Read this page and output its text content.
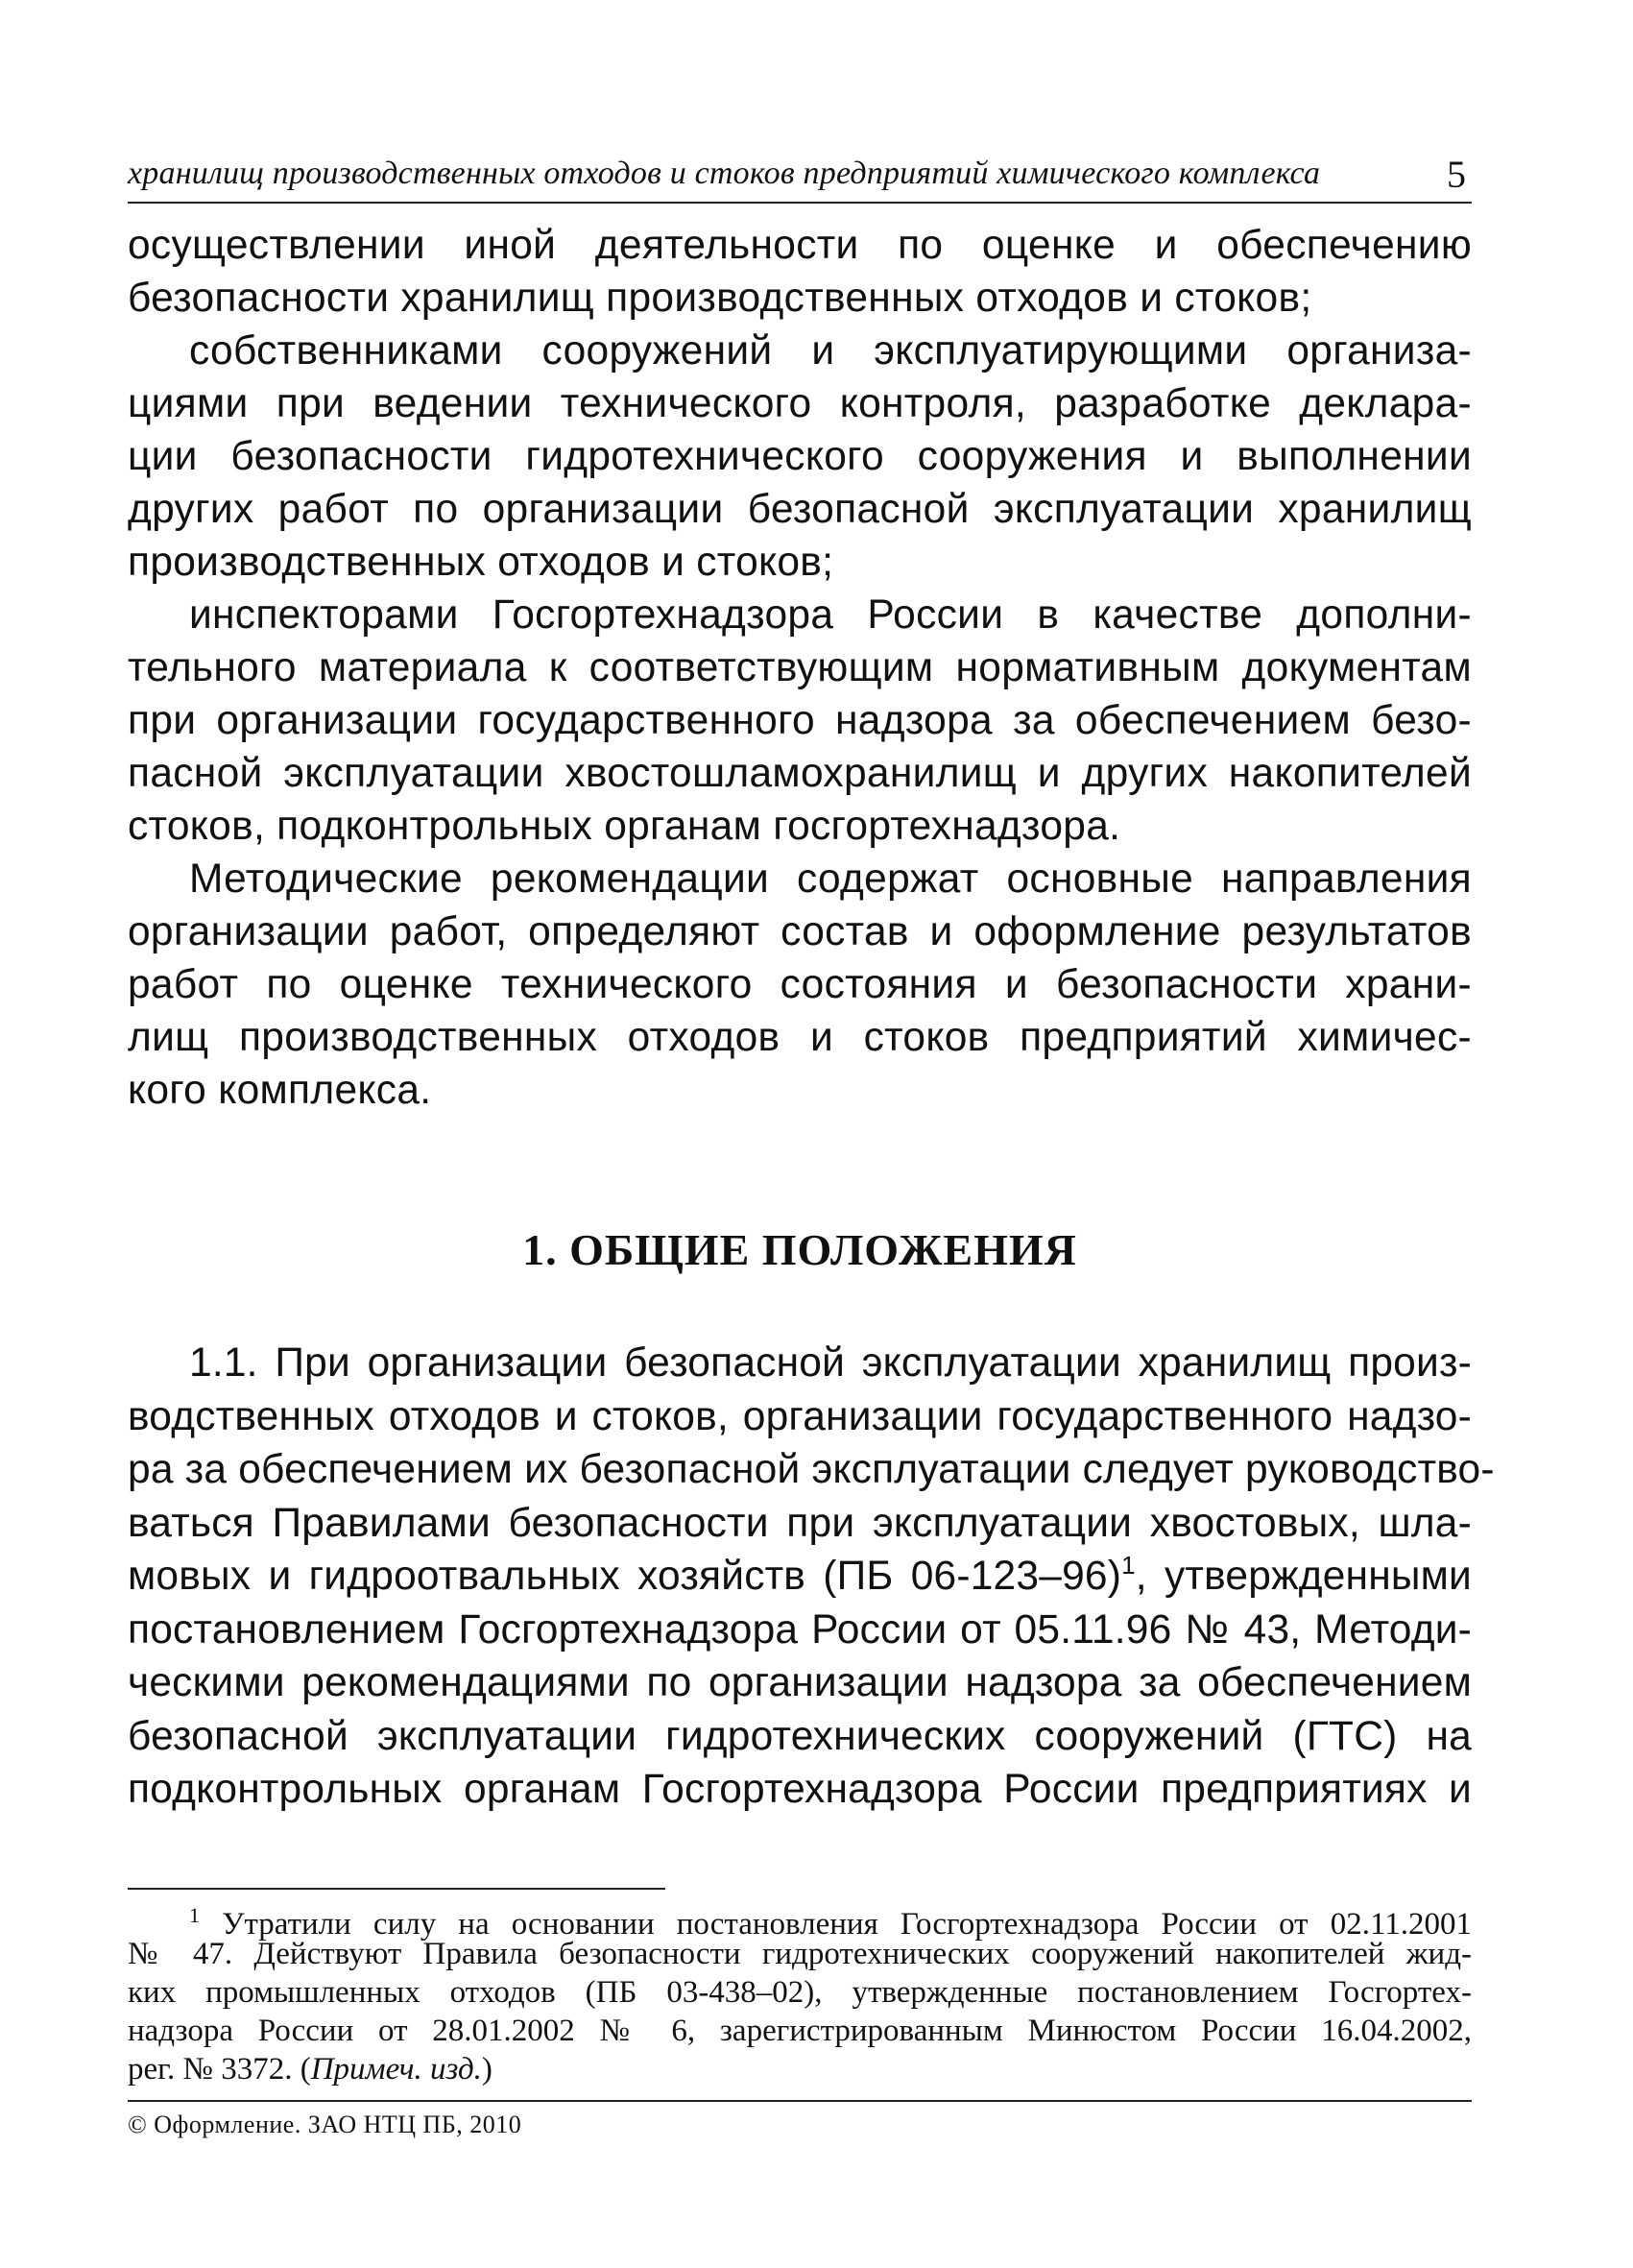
хранилищ производственных отходов и стоков предприятий химического комплекса	5
осуществлении иной деятельности по оценке и обеспечению
безопасности хранилищ производственных отходов и стоков;
собственниками сооружений и эксплуатирующими организа-
циями при ведении технического контроля, разработке деклара-
ции безопасности гидротехнического сооружения и выполнении
других работ по организации безопасной эксплуатации хранилищ
производственных отходов и стоков;
инспекторами Госгортехнадзора России в качестве дополни-
тельного материала к соответствующим нормативным документам
при организации государственного надзора за обеспечением безо-
пасной эксплуатации хвостошламохранилищ и других накопителей
стоков, подконтрольных органам госгортехнадзора.
Методические рекомендации содержат основные направления
организации работ, определяют состав и оформление результатов
работ по оценке технического состояния и безопасности храни-
лищ производственных отходов и стоков предприятий химичес-
кого комплекса.
1. ОБЩИЕ ПОЛОЖЕНИЯ
1.1. При организации безопасной эксплуатации хранилищ произ-
водственных отходов и стоков, организации государственного надзо-
ра за обеспечением их безопасной эксплуатации следует руководство-
ваться Правилами безопасности при эксплуатации хвостовых, шла-
мовых и гидроотвальных хозяйств (ПБ 06-123–96)$^1$, утвержденными
постановлением Госгортехнадзора России от 05.11.96 № 43, Методи-
ческими рекомендациями по организации надзора за обеспечением
безопасной эксплуатации гидротехнических сооружений (ГТС) на
подконтрольных органам Госгортехнадзора России предприятиях и
$^1$ Утратили силу на основании постановления Госгортехнадзора России от 02.11.2001
№ 47. Действуют Правила безопасности гидротехнических сооружений накопителей жид-
ких промышленных отходов (ПБ 03-438–02), утвержденные постановлением Госгортех-
надзора России от 28.01.2002 № 6, зарегистрированным Минюстом России 16.04.2002,
рег. № 3372. (Примеч. изд.)
© Оформление. ЗАО НТЦ ПБ, 2010
